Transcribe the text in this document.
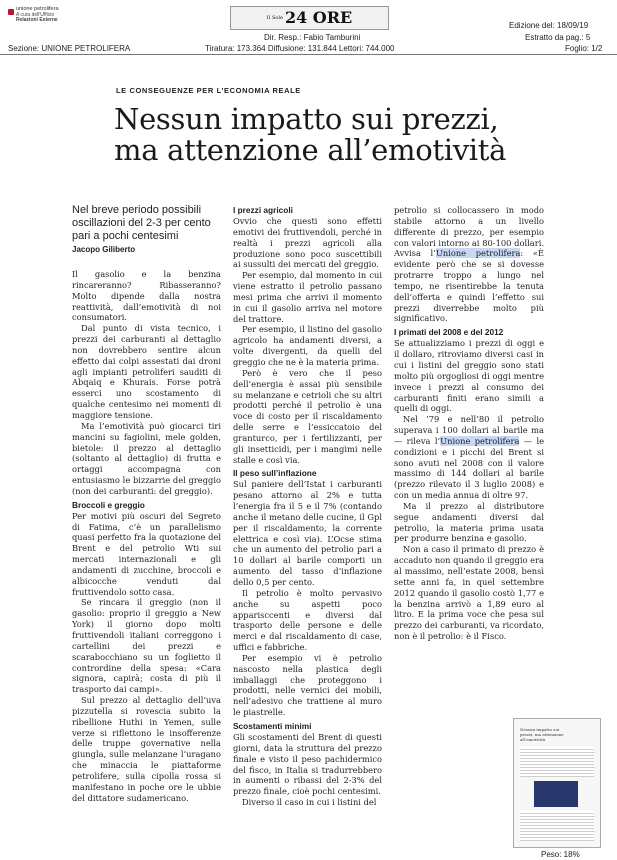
unione petrolifera
A cura dell'Ufficio
Relazioni Esterne
Sezione: UNIONE PETROLIFERA
$^{Il Sole}$ 24 ORE
Dir. Resp.: Fabio Tamburini
Tiratura: 173.364 Diffusione: 131.844 Lettori: 744.000
Edizione del: 18/09/19
Estratto da pag.: 5
Foglio: 1/2
LE CONSEGUENZE PER L’ECONOMIA REALE
Nessun impatto sui prezzi,
ma attenzione all’emotività
Nel breve periodo possibili oscillazioni del 2-3 per cento pari a pochi centesimi
Jacopo Giliberto

Il gasolio e la benzina rincareranno? Ribasseranno? Molto dipende dalla nostra reattività, dall’emotività di noi consumatori.

Dal punto di vista tecnico, i prezzi dei carburanti al dettaglio non dovrebbero sentire alcun effetto dai colpi assestati dai droni agli impianti petroliferi sauditi di Abqaiq e Khurais. Forse potrà esserci uno scostamento di qualche centesimo nei momenti di maggiore tensione.

Ma l’emotività può giocarci tiri mancini su fagiolini, mele golden, bietole: il prezzo al dettaglio (soltanto al dettaglio) di frutta e ortaggi accompagna con entusiasmo le bizzarrie del greggio (non dei carburanti: del greggio).

Broccoli e greggio

Per motivi più oscuri del Segreto di Fatima, c’è un parallelismo quasi perfetto fra la quotazione del Brent e del petrolio Wti sui mercati internazionali e gli andamenti di zucchine, broccoli e albicocche venduti dal fruttivendolo sotto casa.

Se rincara il greggio (non il gasolio: proprio il greggio a New York) il giorno dopo molti fruttivendoli italiani correggono i cartellini dei prezzi e scarabocchiano su un foglietto il contrordine della spesa: «Cara signora, capirà; costa di più il trasporto dai campi».

Sul prezzo al dettaglio dell’uva pizzutella si rovescia subito la ribellione Huthi in Yemen, sulle verze si riflettono le insofferenze delle truppe governative nella giungla, sulle melanzane l’uragano che minaccia le piattaforme petrolifere, sulla cipolla rossa si manifestano in poche ore le ubbie del dittatore sudamericano.

I prezzi agricoli

Ovvio che questi sono effetti emotivi dei fruttivendoli, perché in realtà i prezzi agricoli alla produzione sono poco suscettibili ai sussulti dei mercati del greggio.

Per esempio, dal momento in cui viene estratto il petrolio passano mesi prima che arrivi il momento in cui il gasolio arriva nel motore del trattore.

Per esempio, il listino del gasolio agricolo ha andamenti diversi, a volte divergenti, da quelli del greggio che ne è la materia prima.

Però è vero che il peso dell’energia è assai più sensibile su melanzane e cetrioli che su altri prodotti perché il petrolio è una voce di costo per il riscaldamento delle serre e l’essiccatoio del granturco, per i fertilizzanti, per gli insetticidi, per i mangimi nelle stalle e così via.

Il peso sull’inflazione

Sul paniere dell’Istat i carburanti pesano attorno al 2% e tutta l’energia fra il 5 e il 7% (contando anche il metano delle cucine, il Gpl per il riscaldamento, la corrente elettrica e così via). L’Ocse stima che un aumento del petrolio pari a 10 dollari al barile comporti un aumento del tasso d’inflazione dello 0,5 per cento.

Il petrolio è molto pervasivo anche su aspetti poco apparisccenti e diversi dal trasporto delle persone e delle merci e dal riscaldamento di case, uffici e fabbriche.

Per esempio vi è petrolio nascosto nella plastica degli imballaggi che proteggono i prodotti, nelle vernici dei mobili, nell’adesivo che trattiene al muro le piastrelle.

Scostamenti minimi

Gli scostamenti del Brent di questi giorni, data la struttura del prezzo finale e visto il peso pachidermico del fisco, in Italia si tradurrebbero in aumenti o ribassi del 2-3% del prezzo finale, cioè pochi centesimi.

Diverso il caso in cui i listini del

petrolio si collocassero in modo stabile attorno a un livello differente di prezzo, per esempio con valori intorno ai 80-100 dollari. Avvisa l’Unione petrolifera: «È evidente però che se si dovesse protrarre troppo a lungo nel tempo, ne risentirebbe la tenuta dell’offerta e quindi l’effetto sui prezzi diverrebbe molto più significativo.

I primati del 2008 e del 2012

Se attualizziamo i prezzi di oggi e il dollaro, ritroviamo diversi casi in cui i listini del greggio sono stati molto più orgogliosi di oggi mentre invece i prezzi al consumo dei carburanti finiti erano simili a quelli di oggi.

Nel ’79 e nell’80 il petrolio superava i 100 dollari al barile ma — rileva l’Unione petrolifera — le condizioni e i picchi del Brent si sono avuti nel 2008 con il valore massimo di 144 dollari al barile (prezzo rilevato il 3 luglio 2008) e con un media annua di oltre 97.

Ma il prezzo al distributore segue andamenti diversi dal petrolio, la materia prima usata per produrre benzina e gasolio.

Non a caso il primato di prezzo è accaduto non quando il greggio era al massimo, nell’estate 2008, bensì sette anni fa, in quel settembre 2012 quando il gasolio costò 1,77 e la benzina arrivò a 1,89 euro al litro. E la prima voce che pesa sul prezzo dei carburanti, va ricordato, non è il petrolio: è il Fisco.

Nessun impatto sui prezzi, ma attenzione all’emotività
Peso: 18%
